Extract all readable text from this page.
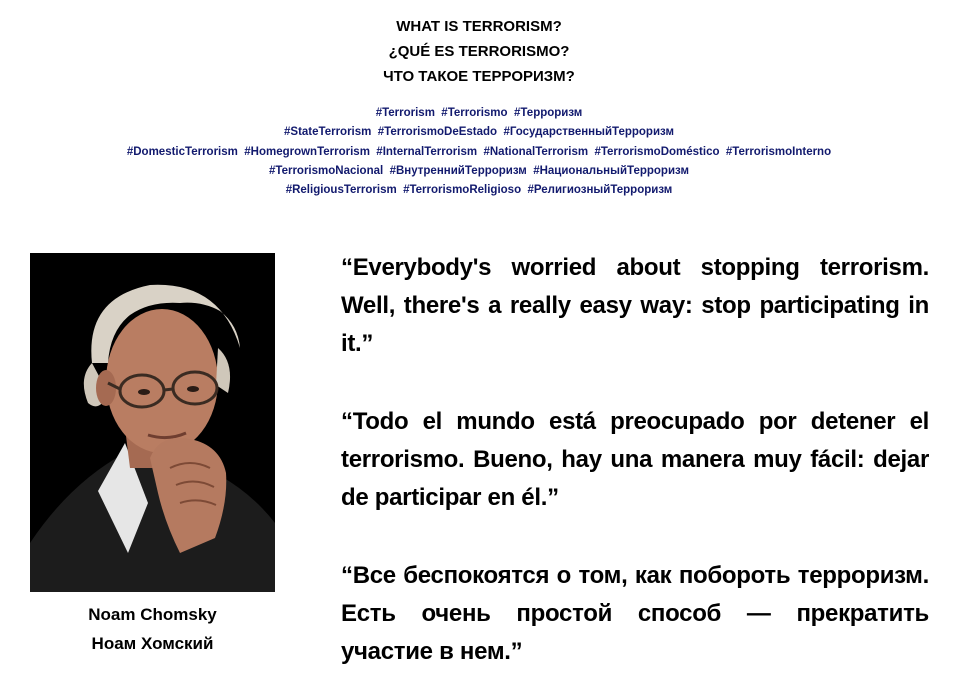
WHAT IS TERRORISM?
¿QUÉ ES TERRORISMO?
ЧТО ТАКОЕ ТЕРРОРИЗМ?
#Terrorism  #Terrorismo  #Терроризм
#StateTerrorism  #TerrorismoDeEstado  #ГосударственныйТерроризм
#DomesticTerrorism  #HomegrownTerrorism  #InternalTerrorism  #NationalTerrorism  #TerrorismoDoméstico  #TerrorismoInterno
#TerrorismoNacional  #ВнутреннийТерроризм  #НациональныйТерроризм
#ReligiousTerrorism  #TerrorismoReligioso  #РелигиозныйТерроризм
Noam Chomsky
Ноам Хомский
“Everybody's worried about stopping terrorism. Well, there's a really easy way: stop participating in it.”
“Todo el mundo está preocupado por detener el terrorismo. Bueno, hay una manera muy fácil: dejar de participar en él.”
“Все беспокоятся о том, как побороть терроризм. Есть очень простой способ — прекратить участие в нем.”
